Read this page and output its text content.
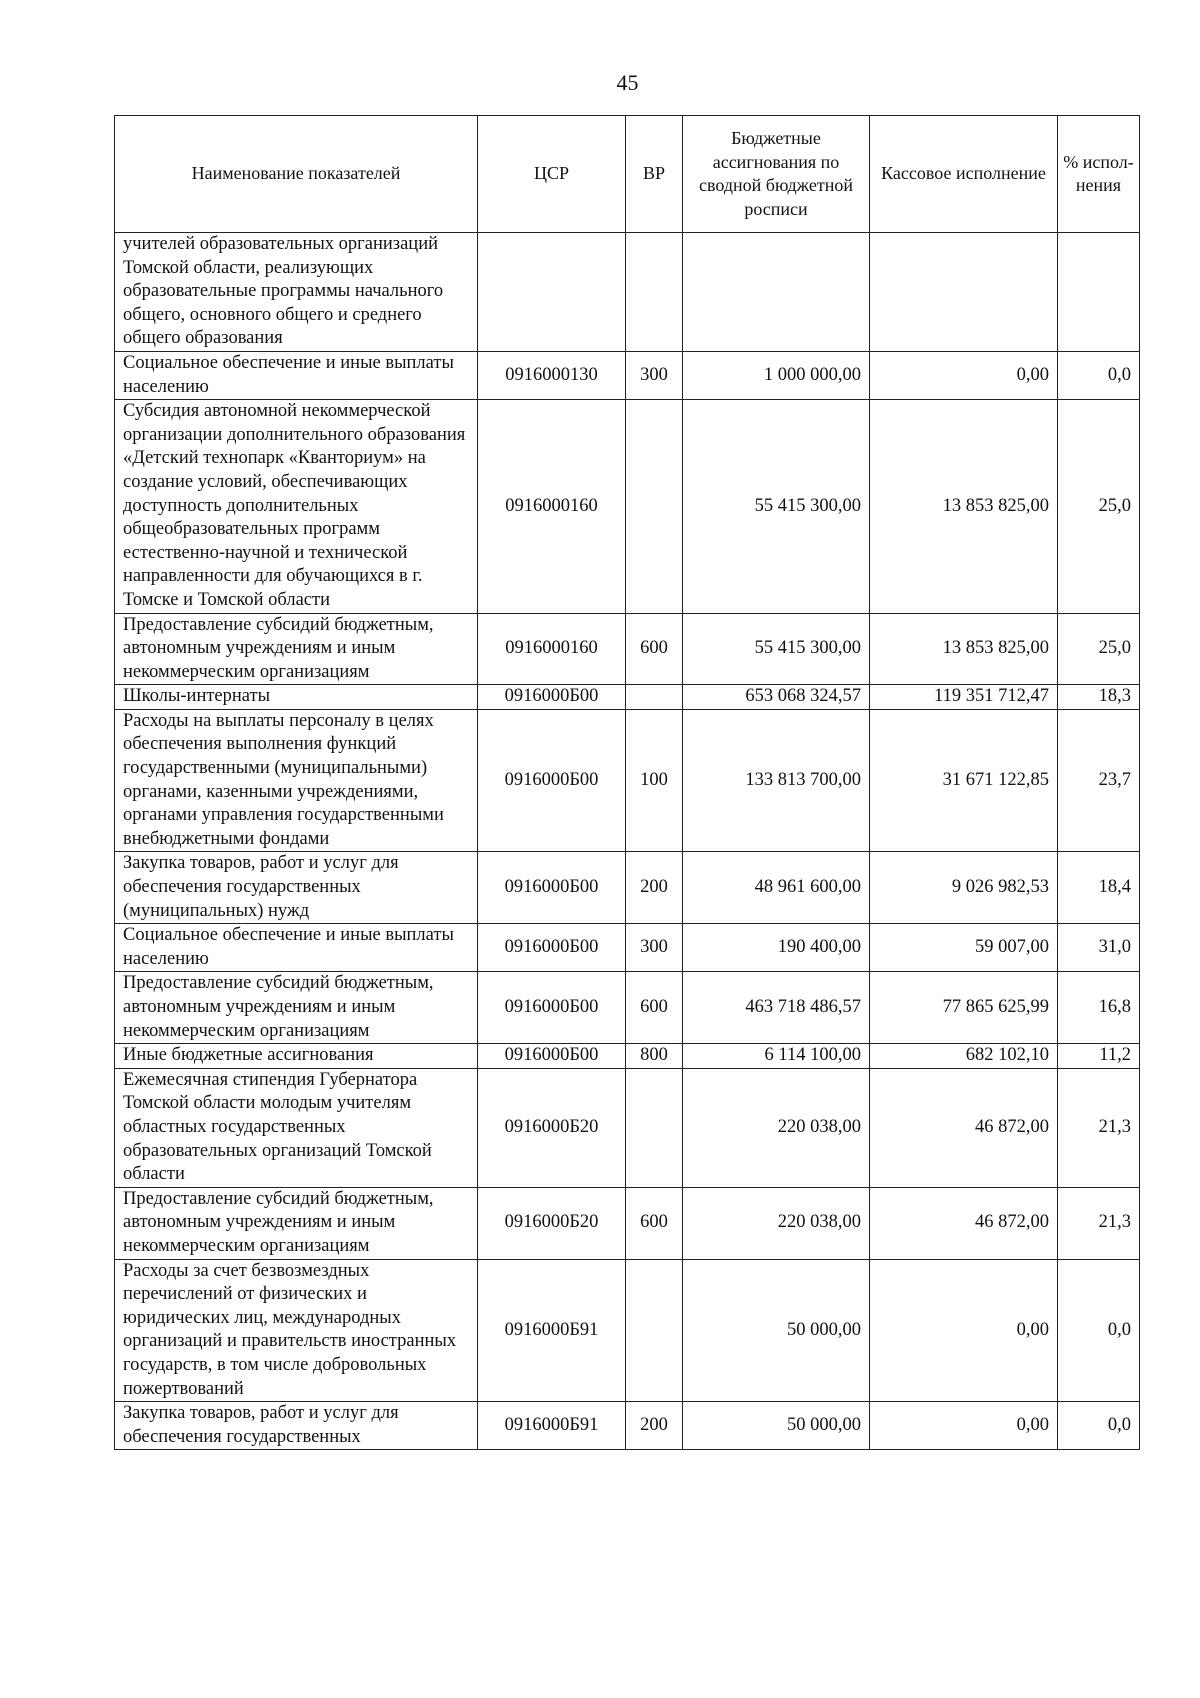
45
Наименование показателей	ЦСР	ВР	Бюджетные ассигнования по сводной бюджетной росписи	Кассовое исполнение	% испол- нения
учителей образовательных организаций Томской области, реализующих образовательные программы начального общего, основного общего и среднего общего образования					
Социальное обеспечение и иные выплаты населению	0916000130	300	1 000 000,00	0,00	0,0
Субсидия автономной некоммерческой организации дополнительного образования «Детский технопарк «Кванториум» на создание условий, обеспечивающих доступность дополнительных общеобразовательных программ естественно-научной и технической направленности для обучающихся в г. Томске и Томской области	0916000160		55 415 300,00	13 853 825,00	25,0
Предоставление субсидий бюджетным, автономным учреждениям и иным некоммерческим организациям	0916000160	600	55 415 300,00	13 853 825,00	25,0
Школы-интернаты	0916000Б00		653 068 324,57	119 351 712,47	18,3
Расходы на выплаты персоналу в целях обеспечения выполнения функций государственными (муниципальными) органами, казенными учреждениями, органами управления государственными внебюджетными фондами	0916000Б00	100	133 813 700,00	31 671 122,85	23,7
Закупка товаров, работ и услуг для обеспечения государственных (муниципальных) нужд	0916000Б00	200	48 961 600,00	9 026 982,53	18,4
Социальное обеспечение и иные выплаты населению	0916000Б00	300	190 400,00	59 007,00	31,0
Предоставление субсидий бюджетным, автономным учреждениям и иным некоммерческим организациям	0916000Б00	600	463 718 486,57	77 865 625,99	16,8
Иные бюджетные ассигнования	0916000Б00	800	6 114 100,00	682 102,10	11,2
Ежемесячная стипендия Губернатора Томской области молодым учителям областных государственных образовательных организаций Томской области	0916000Б20		220 038,00	46 872,00	21,3
Предоставление субсидий бюджетным, автономным учреждениям и иным некоммерческим организациям	0916000Б20	600	220 038,00	46 872,00	21,3
Расходы за счет безвозмездных перечислений от физических и юридических лиц, международных организаций и правительств иностранных государств, в том числе добровольных пожертвований	0916000Б91		50 000,00	0,00	0,0
Закупка товаров, работ и услуг для обеспечения государственных	0916000Б91	200	50 000,00	0,00	0,0
